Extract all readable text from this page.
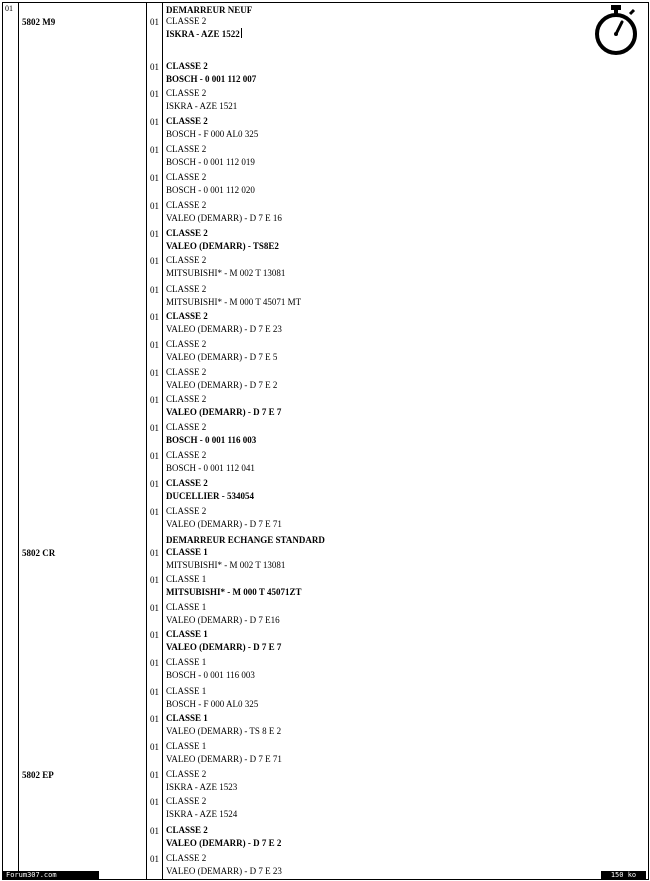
01	DEMARREUR NEUF
DEMARREUR ECHANGE STANDARD
5802 M9
5802 CR
5802 EP
01 CLASSE 2
ISKRA - AZE 1522
01 CLASSE 2
BOSCH - 0 001 112 007
01 CLASSE 2
ISKRA - AZE 1521
01 CLASSE 2
BOSCH - F 000 AL0 325
01 CLASSE 2
BOSCH - 0 001 112 019
01 CLASSE 2
BOSCH - 0 001 112 020
01 CLASSE 2
VALEO (DEMARR) - D 7 E 16
01 CLASSE 2
VALEO (DEMARR) - TS8E2
01 CLASSE 2
MITSUBISHI* - M 002 T 13081
01 CLASSE 2
MITSUBISHI* - M 000 T 45071 MT
01 CLASSE 2
VALEO (DEMARR) - D 7 E 23
01 CLASSE 2
VALEO (DEMARR) - D 7 E 5
01 CLASSE 2
VALEO (DEMARR) - D 7 E 2
01 CLASSE 2
VALEO (DEMARR) - D 7 E 7
01 CLASSE 2
BOSCH - 0 001 116 003
01 CLASSE 2
BOSCH - 0 001 112 041
01 CLASSE 2
DUCELLIER - 534054
01 CLASSE 2
VALEO (DEMARR) - D 7 E 71
01 CLASSE 1
MITSUBISHI* - M 002 T 13081
01 CLASSE 1
MITSUBISHI* - M 000 T 45071ZT
01 CLASSE 1
VALEO (DEMARR) - D 7 E16
01 CLASSE 1
VALEO (DEMARR) - D 7 E 7
01 CLASSE 1
BOSCH - 0 001 116 003
01 CLASSE 1
BOSCH - F 000 AL0 325
01 CLASSE 1
VALEO (DEMARR) - TS 8 E 2
01 CLASSE 1
VALEO (DEMARR) - D 7 E 71
01 CLASSE 2
ISKRA - AZE 1523
01 CLASSE 2
ISKRA - AZE 1524
01 CLASSE 2
VALEO (DEMARR) - D 7 E 2
01 CLASSE 2
VALEO (DEMARR) - D 7 E 23
Forum307.com	150 ko
